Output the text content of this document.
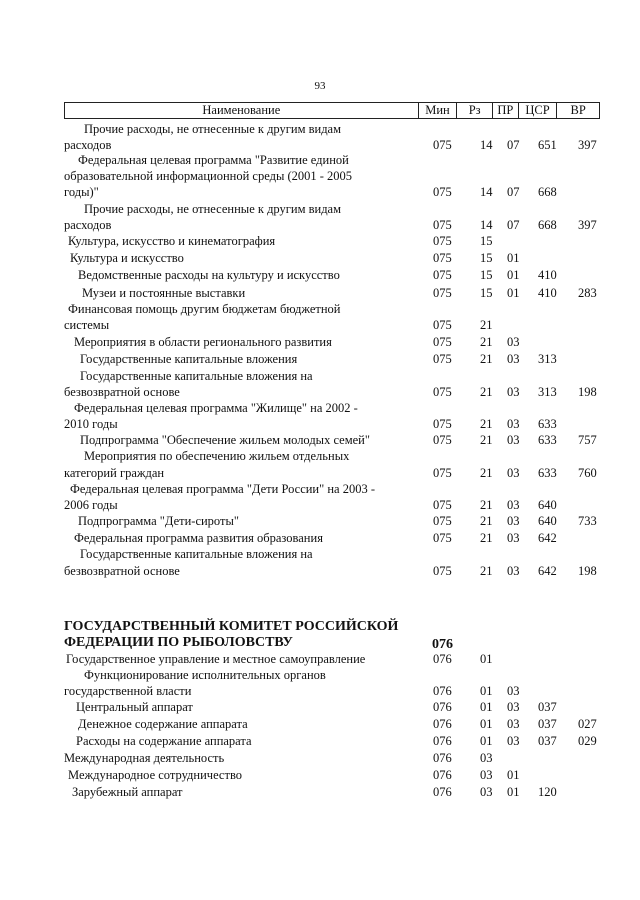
93
Наименование	Мин	Рз	ПР ЦСР	ВР
Прочие расходы, не отнесенные к другим видам
расходов	075 14 07 651 397
Федеральная целевая программа "Развитие единой
образовательной информационной среды (2001 - 2005
годы)"	075 14 07 668
Прочие расходы, не отнесенные к другим видам
расходов	075 14 07 668 397
Культура, искусство и кинематография	075 15
Культура и искусство	075 15 01
Ведомственные расходы на культуру и искусство	075 15 01 410
Музеи и постоянные выставки	075 15 01 410 283
Финансовая помощь другим бюджетам бюджетной
системы	075 21
Мероприятия в области регионального развития	075 21 03
Государственные капитальные вложения	075 21 03 313
Государственные капитальные вложения на
безвозвратной основе	075 21 03 313 198
Федеральная целевая программа "Жилище" на 2002 -
2010 годы	075 21 03 633
Подпрограмма "Обеспечение жильем молодых семей"	075 21 03 633 757
Мероприятия по обеспечению жильем отдельных
категорий граждан	075 21 03 633 760
Федеральная целевая программа "Дети России" на 2003 -
2006 годы	075 21 03 640
Подпрограмма "Дети-сироты"	075 21 03 640 733
Федеральная программа развития образования	075 21 03 642
Государственные капитальные вложения на
безвозвратной основе	075 21 03 642 198
Государственное управление и местное самоуправление	076 01
Функционирование исполнительных органов
государственной власти	076 01 03
Центральный аппарат	076 01 03 037
Денежное содержание аппарата	076 01 03 037 027
Расходы на содержание аппарата	076 01 03 037 029
Международная деятельность	076 03
Международное сотрудничество	076 03 01
Зарубежный аппарат	076 03 01 120
ГОСУДАРСТВЕННЫЙ КОМИТЕТ РОССИЙСКОЙ
ФЕДЕРАЦИИ ПО РЫБОЛОВСТВУ	076
